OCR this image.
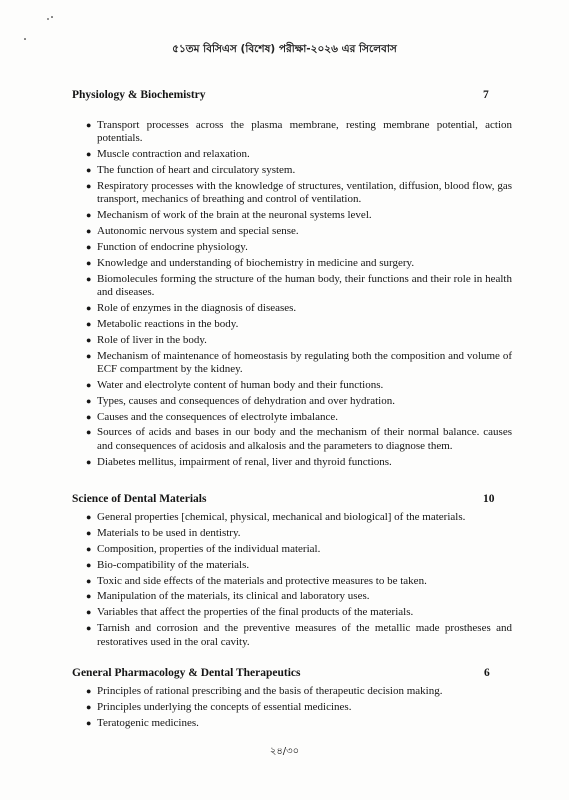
৫১তম বিসিএস (বিশেষ) পরীক্ষা-২০২৬ এর সিলেবাস
Physiology & Biochemistry	7
● Transport processes across the plasma membrane, resting membrane potential, action potentials.
● Muscle contraction and relaxation.
● The function of heart and circulatory system.
● Respiratory processes with the knowledge of structures, ventilation, diffusion, blood flow, gas transport, mechanics of breathing and control of ventilation.
● Mechanism of work of the brain at the neuronal systems level.
● Autonomic nervous system and special sense.
● Function of endocrine physiology.
● Knowledge and understanding of biochemistry in medicine and surgery.
● Biomolecules forming the structure of the human body, their functions and their role in health and diseases.
● Role of enzymes in the diagnosis of diseases.
● Metabolic reactions in the body.
● Role of liver in the body.
● Mechanism of maintenance of homeostasis by regulating both the composition and volume of ECF compartment by the kidney.
● Water and electrolyte content of human body and their functions.
● Types, causes and consequences of dehydration and over hydration.
● Causes and the consequences of electrolyte imbalance.
● Sources of acids and bases in our body and the mechanism of their normal balance. causes and consequences of acidosis and alkalosis and the parameters to diagnose them.
● Diabetes mellitus, impairment of renal, liver and thyroid functions.
Science of Dental Materials	10
● General properties [chemical, physical, mechanical and biological] of the materials.
● Materials to be used in dentistry.
● Composition, properties of the individual material.
● Bio-compatibility of the materials.
● Toxic and side effects of the materials and protective measures to be taken.
● Manipulation of the materials, its clinical and laboratory uses.
● Variables that affect the properties of the final products of the materials.
● Tarnish and corrosion and the preventive measures of the metallic made prostheses and restoratives used in the oral cavity.
General Pharmacology & Dental Therapeutics	6
● Principles of rational prescribing and the basis of therapeutic decision making.
● Principles underlying the concepts of essential medicines.
● Teratogenic medicines.
২৪/৩০
